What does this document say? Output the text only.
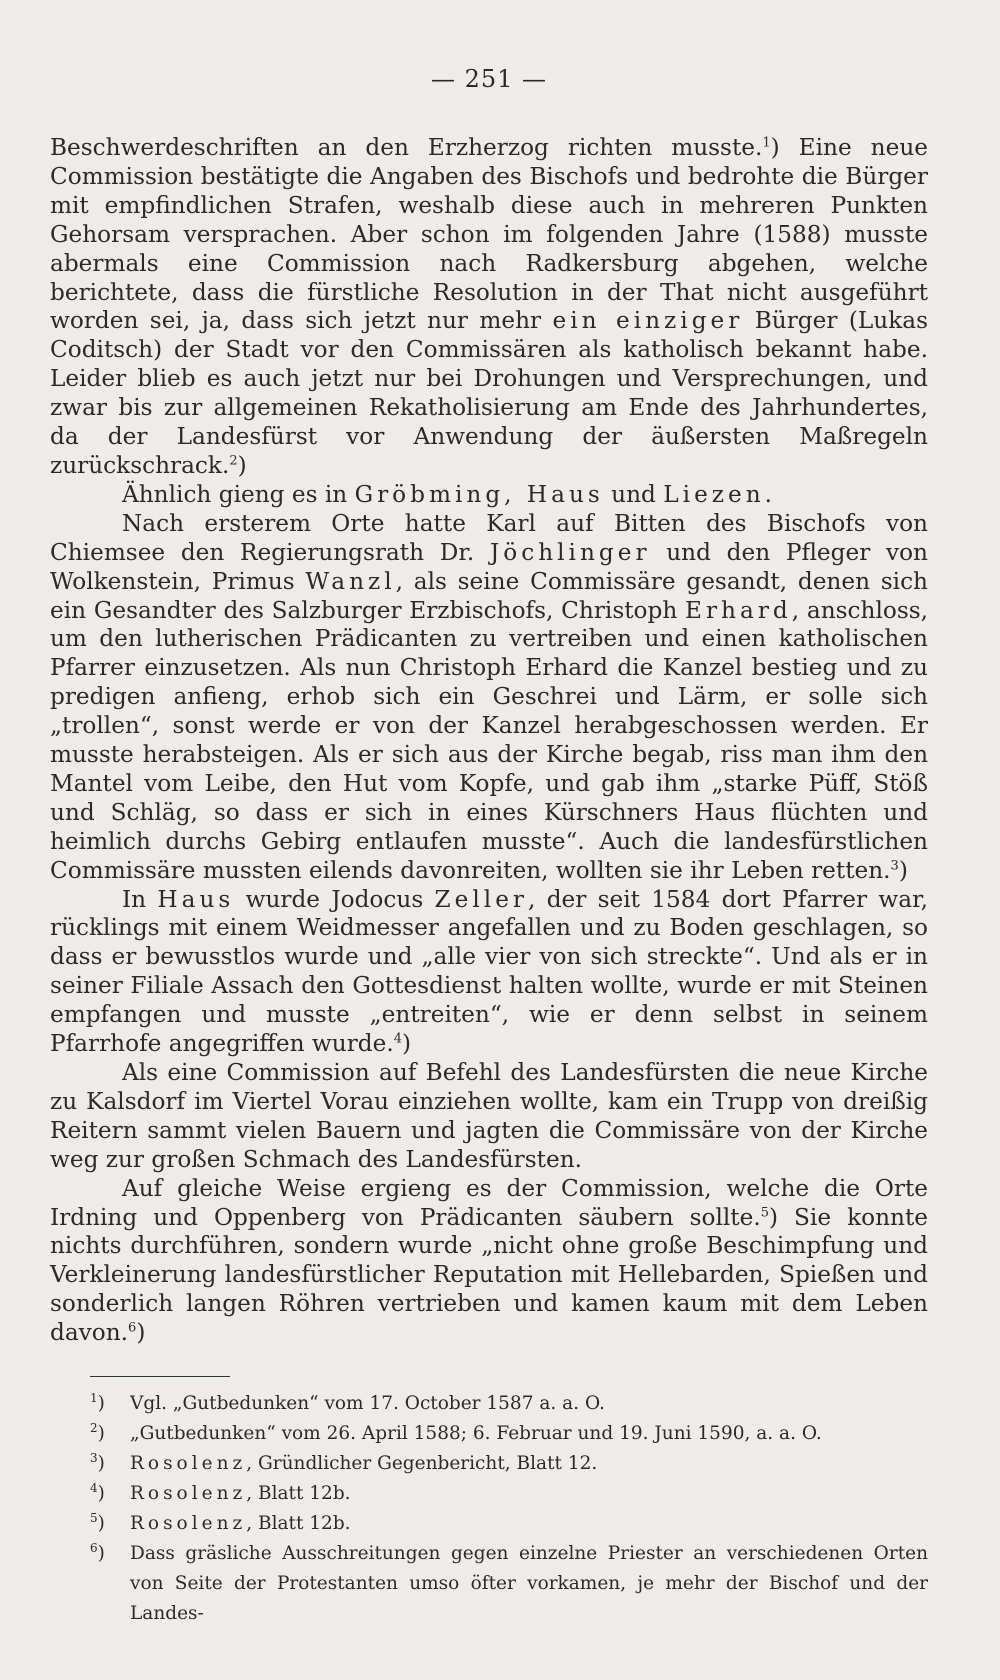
— 251 —

Beschwerdeschriften an den Erzherzog richten musste.$^1$) Eine neue Commission bestätigte die Angaben des Bischofs und bedrohte die Bürger mit empfindlichen Strafen, weshalb diese auch in mehreren Punkten Gehorsam versprachen. Aber schon im folgenden Jahre (1588) musste abermals eine Commission nach Radkersburg abgehen, welche berichtete, dass die fürstliche Resolution in der That nicht ausgeführt worden sei, ja, dass sich jetzt nur mehr ein einziger Bürger (Lukas Coditsch) der Stadt vor den Commissären als katholisch bekannt habe. Leider blieb es auch jetzt nur bei Drohungen und Versprechungen, und zwar bis zur allgemeinen Rekatholisierung am Ende des Jahrhundertes, da der Landesfürst vor Anwendung der äußersten Maßregeln zurückschrack.$^2$)

Ähnlich gieng es in Gröbming, Haus und Liezen.

Nach ersterem Orte hatte Karl auf Bitten des Bischofs von Chiemsee den Regierungsrath Dr. Jöchlinger und den Pfleger von Wolkenstein, Primus Wanzl, als seine Commissäre gesandt, denen sich ein Gesandter des Salzburger Erzbischofs, Christoph Erhard, anschloss, um den lutherischen Prädicanten zu vertreiben und einen katholischen Pfarrer einzusetzen. Als nun Christoph Erhard die Kanzel bestieg und zu predigen anfieng, erhob sich ein Geschrei und Lärm, er solle sich „trollen“, sonst werde er von der Kanzel herabgeschossen werden. Er musste herabsteigen. Als er sich aus der Kirche begab, riss man ihm den Mantel vom Leibe, den Hut vom Kopfe, und gab ihm „starke Püff, Stöß und Schläg, so dass er sich in eines Kürschners Haus flüchten und heimlich durchs Gebirg entlaufen musste“. Auch die landesfürstlichen Commissäre mussten eilends davonreiten, wollten sie ihr Leben retten.$^3$)

In Haus wurde Jodocus Zeller, der seit 1584 dort Pfarrer war, rücklings mit einem Weidmesser angefallen und zu Boden geschlagen, so dass er bewusstlos wurde und „alle vier von sich streckte“. Und als er in seiner Filiale Assach den Gottesdienst halten wollte, wurde er mit Steinen empfangen und musste „entreiten“, wie er denn selbst in seinem Pfarrhofe angegriffen wurde.$^4$)

Als eine Commission auf Befehl des Landesfürsten die neue Kirche zu Kalsdorf im Viertel Vorau einziehen wollte, kam ein Trupp von dreißig Reitern sammt vielen Bauern und jagten die Commissäre von der Kirche weg zur großen Schmach des Landesfürsten.

Auf gleiche Weise ergieng es der Commission, welche die Orte Irdning und Oppenberg von Prädicanten säubern sollte.$^5$) Sie konnte nichts durchführen, sondern wurde „nicht ohne große Beschimpfung und Verkleinerung landesfürstlicher Reputation mit Hellebarden, Spießen und sonderlich langen Röhren vertrieben und kamen kaum mit dem Leben davon.$^6$)

$^1$) Vgl. „Gutbedunken“ vom 17. October 1587 a. a. O.
$^2$) „Gutbedunken“ vom 26. April 1588; 6. Februar und 19. Juni 1590, a. a. O.
$^3$) Rosolenz, Gründlicher Gegenbericht, Blatt 12.
$^4$) Rosolenz, Blatt 12b.
$^5$) Rosolenz, Blatt 12b.
$^6$) Dass gräsliche Ausschreitungen gegen einzelne Priester an verschiedenen Orten von Seite der Protestanten umso öfter vorkamen, je mehr der Bischof und der Landes-
